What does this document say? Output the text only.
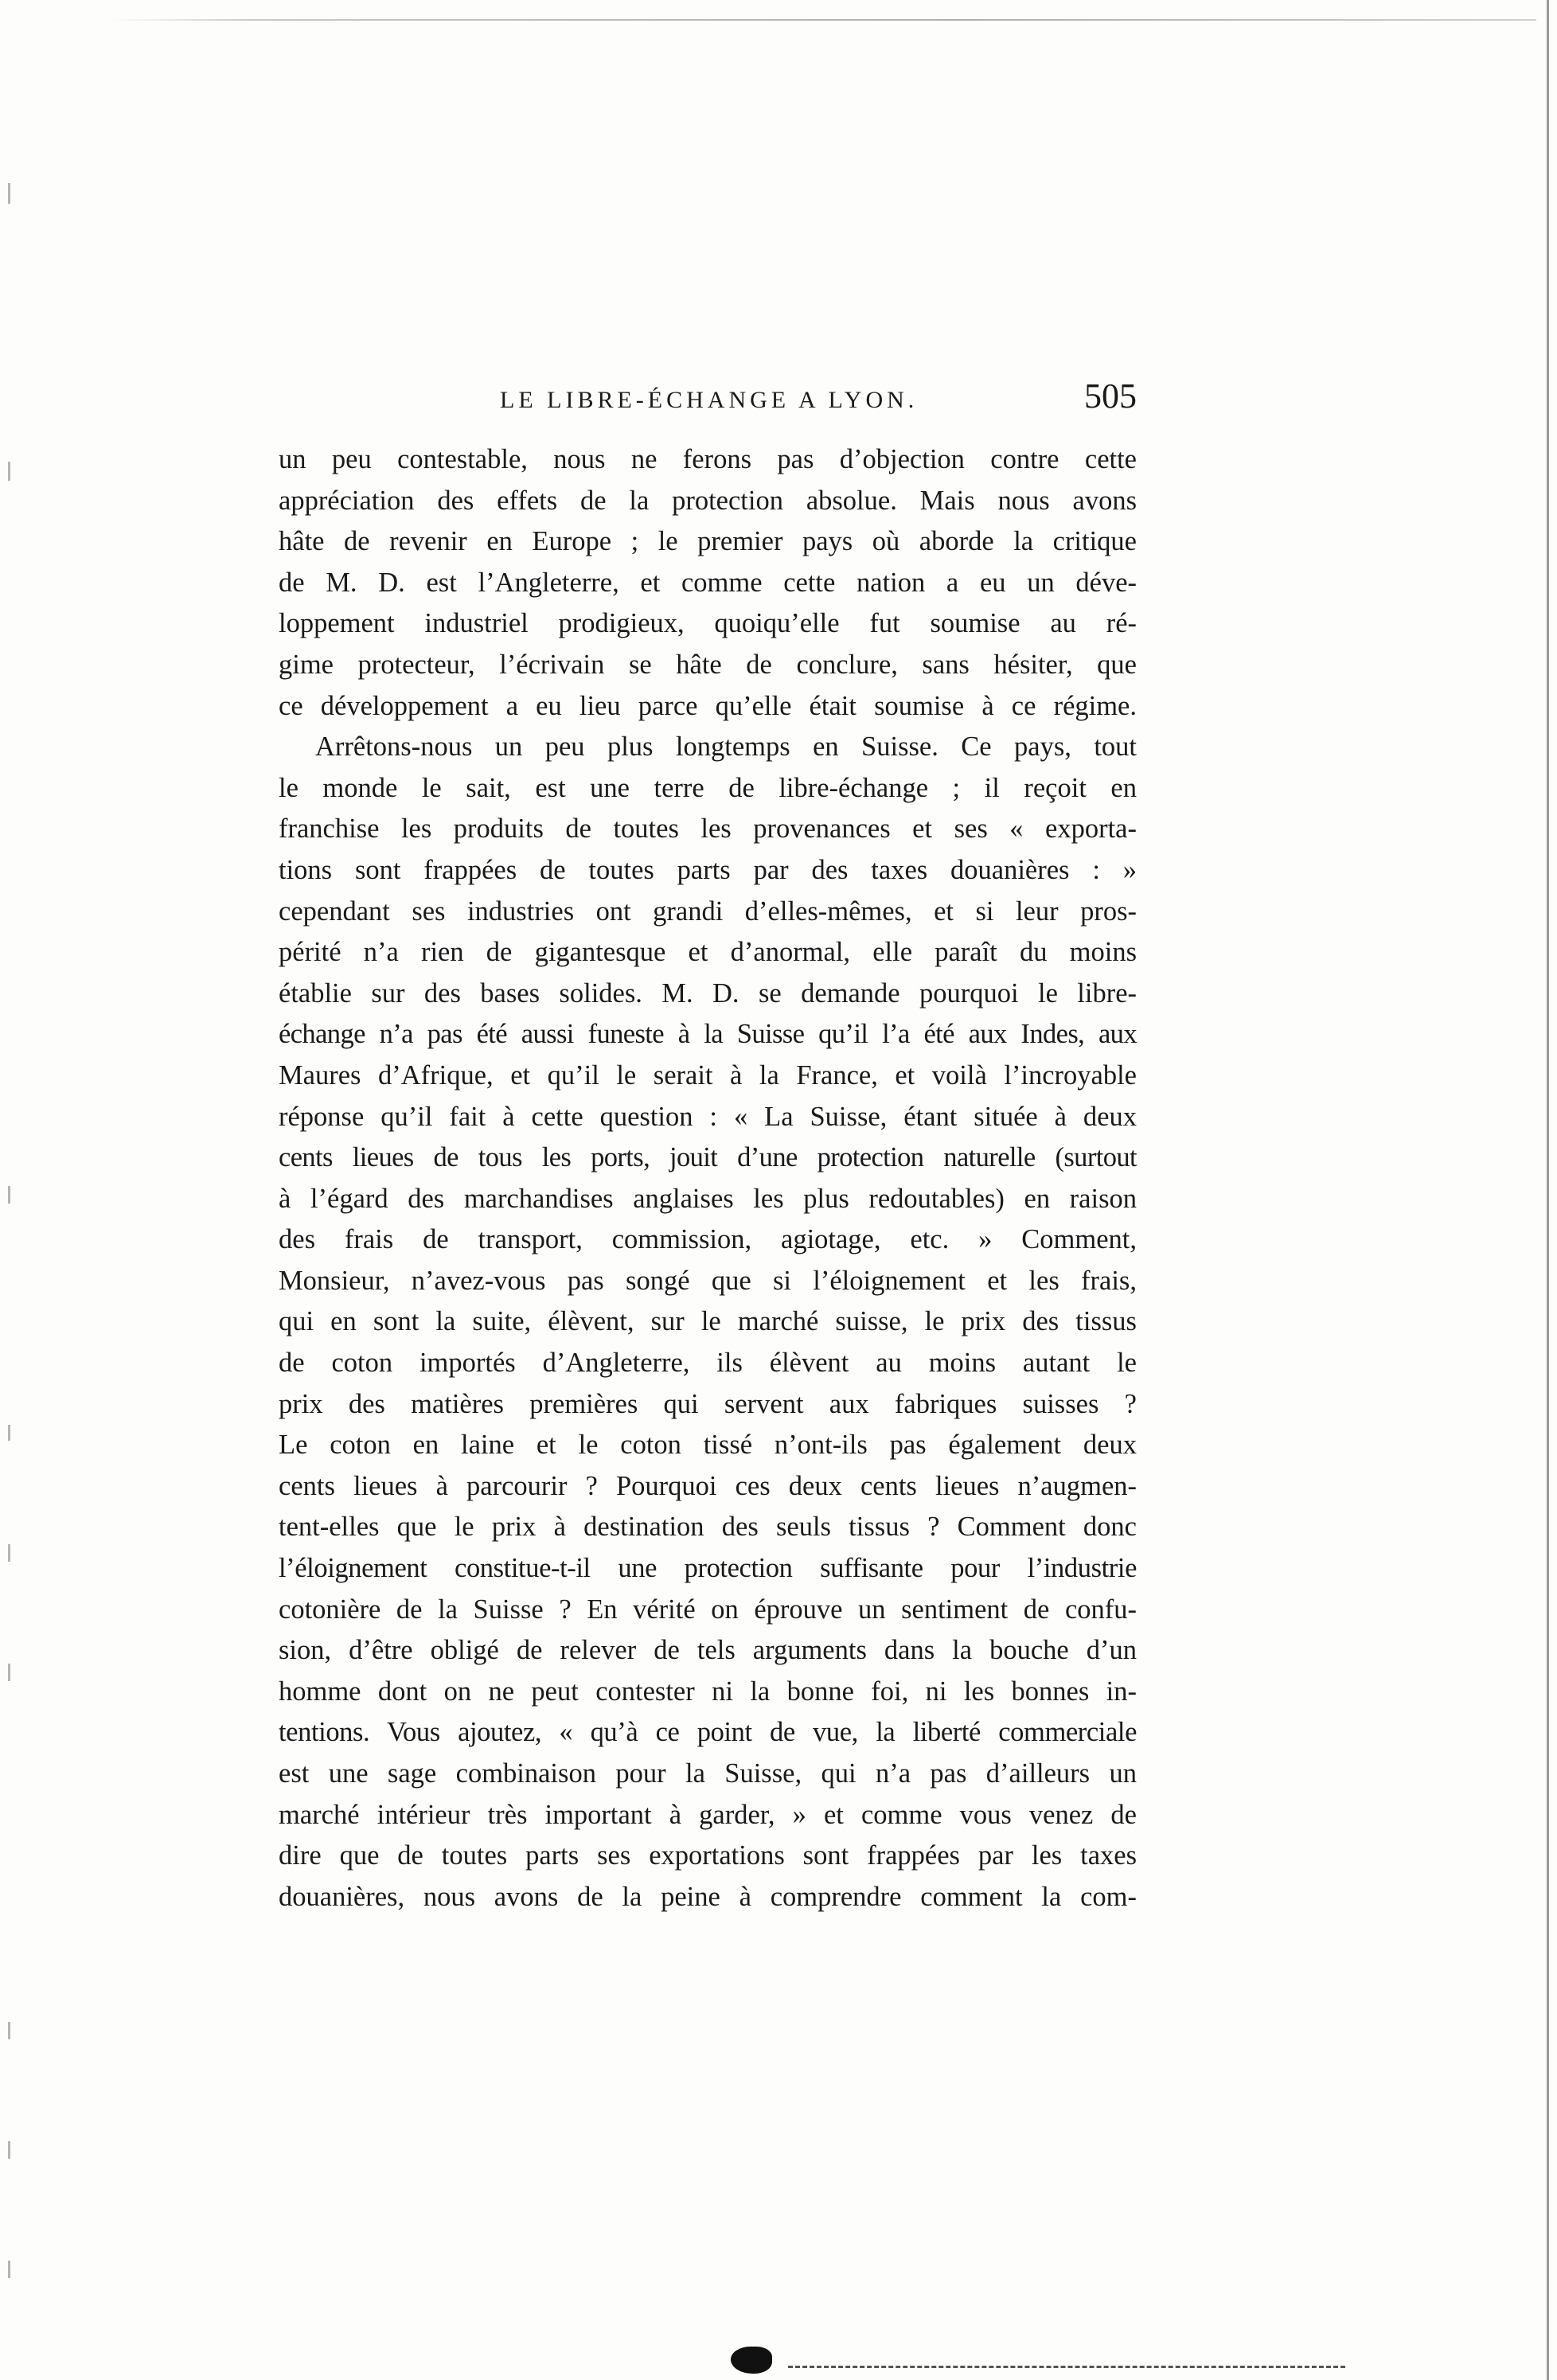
LE LIBRE-ÉCHANGE A LYON.	505
un peu contestable, nous ne ferons pas d’objection contre cette
appréciation des effets de la protection absolue. Mais nous avons
hâte de revenir en Europe ; le premier pays où aborde la critique
de M. D. est l’Angleterre, et comme cette nation a eu un déve-
loppement industriel prodigieux, quoiqu’elle fut soumise au ré-
gime protecteur, l’écrivain se hâte de conclure, sans hésiter, que
ce développement a eu lieu parce qu’elle était soumise à ce régime.
Arrêtons-nous un peu plus longtemps en Suisse. Ce pays, tout
le monde le sait, est une terre de libre-échange ; il reçoit en
franchise les produits de toutes les provenances et ses « exporta-
tions sont frappées de toutes parts par des taxes douanières : »
cependant ses industries ont grandi d’elles-mêmes, et si leur pros-
périté n’a rien de gigantesque et d’anormal, elle paraît du moins
établie sur des bases solides. M. D. se demande pourquoi le libre-
échange n’a pas été aussi funeste à la Suisse qu’il l’a été aux Indes, aux
Maures d’Afrique, et qu’il le serait à la France, et voilà l’incroyable
réponse qu’il fait à cette question : « La Suisse, étant située à deux
cents lieues de tous les ports, jouit d’une protection naturelle (surtout
à l’égard des marchandises anglaises les plus redoutables) en raison
des frais de transport, commission, agiotage, etc. » Comment,
Monsieur, n’avez-vous pas songé que si l’éloignement et les frais,
qui en sont la suite, élèvent, sur le marché suisse, le prix des tissus
de coton importés d’Angleterre, ils élèvent au moins autant le
prix des matières premières qui servent aux fabriques suisses ?
Le coton en laine et le coton tissé n’ont-ils pas également deux
cents lieues à parcourir ? Pourquoi ces deux cents lieues n’augmen-
tent-elles que le prix à destination des seuls tissus ? Comment donc
l’éloignement constitue-t-il une protection suffisante pour l’industrie
cotonière de la Suisse ? En vérité on éprouve un sentiment de confu-
sion, d’être obligé de relever de tels arguments dans la bouche d’un
homme dont on ne peut contester ni la bonne foi, ni les bonnes in-
tentions. Vous ajoutez, « qu’à ce point de vue, la liberté commerciale
est une sage combinaison pour la Suisse, qui n’a pas d’ailleurs un
marché intérieur très important à garder, » et comme vous venez de
dire que de toutes parts ses exportations sont frappées par les taxes
douanières, nous avons de la peine à comprendre comment la com-
